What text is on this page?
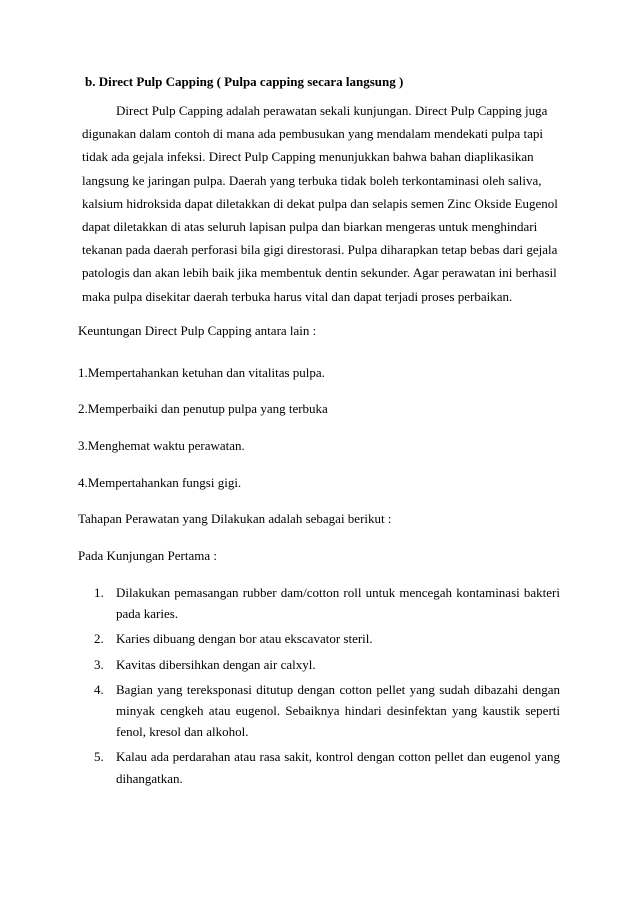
b. Direct Pulp Capping ( Pulpa capping secara langsung )
Direct Pulp Capping adalah perawatan sekali kunjungan. Direct Pulp Capping juga
digunakan dalam contoh di mana ada pembusukan yang mendalam mendekati pulpa tapi
tidak ada gejala infeksi. Direct Pulp Capping menunjukkan bahwa bahan diaplikasikan
langsung ke jaringan pulpa. Daerah yang terbuka tidak boleh terkontaminasi oleh saliva,
kalsium hidroksida dapat diletakkan di dekat pulpa dan selapis semen Zinc Okside Eugenol
dapat diletakkan di atas seluruh lapisan pulpa dan biarkan mengeras untuk menghindari
tekanan pada daerah perforasi bila gigi direstorasi. Pulpa diharapkan tetap bebas dari gejala
patologis dan akan lebih baik jika membentuk dentin sekunder. Agar perawatan ini berhasil
maka pulpa disekitar daerah terbuka harus vital dan dapat terjadi proses perbaikan.
Keuntungan Direct Pulp Capping antara lain :
1.Mempertahankan ketuhan dan vitalitas pulpa.
2.Memperbaiki dan penutup pulpa yang terbuka
3.Menghemat waktu perawatan.
4.Mempertahankan fungsi gigi.
Tahapan Perawatan yang Dilakukan adalah sebagai berikut :
Pada Kunjungan Pertama :
1. Dilakukan pemasangan rubber dam/cotton roll untuk mencegah kontaminasi bakteri pada karies.
2. Karies dibuang dengan bor atau ekscavator steril.
3. Kavitas dibersihkan dengan air calxyl.
4. Bagian yang tereksponasi ditutup dengan cotton pellet yang sudah dibazahi dengan minyak cengkeh atau eugenol. Sebaiknya hindari desinfektan yang kaustik seperti fenol, kresol dan alkohol.
5. Kalau ada perdarahan atau rasa sakit, kontrol dengan cotton pellet dan eugenol yang dihangatkan.
